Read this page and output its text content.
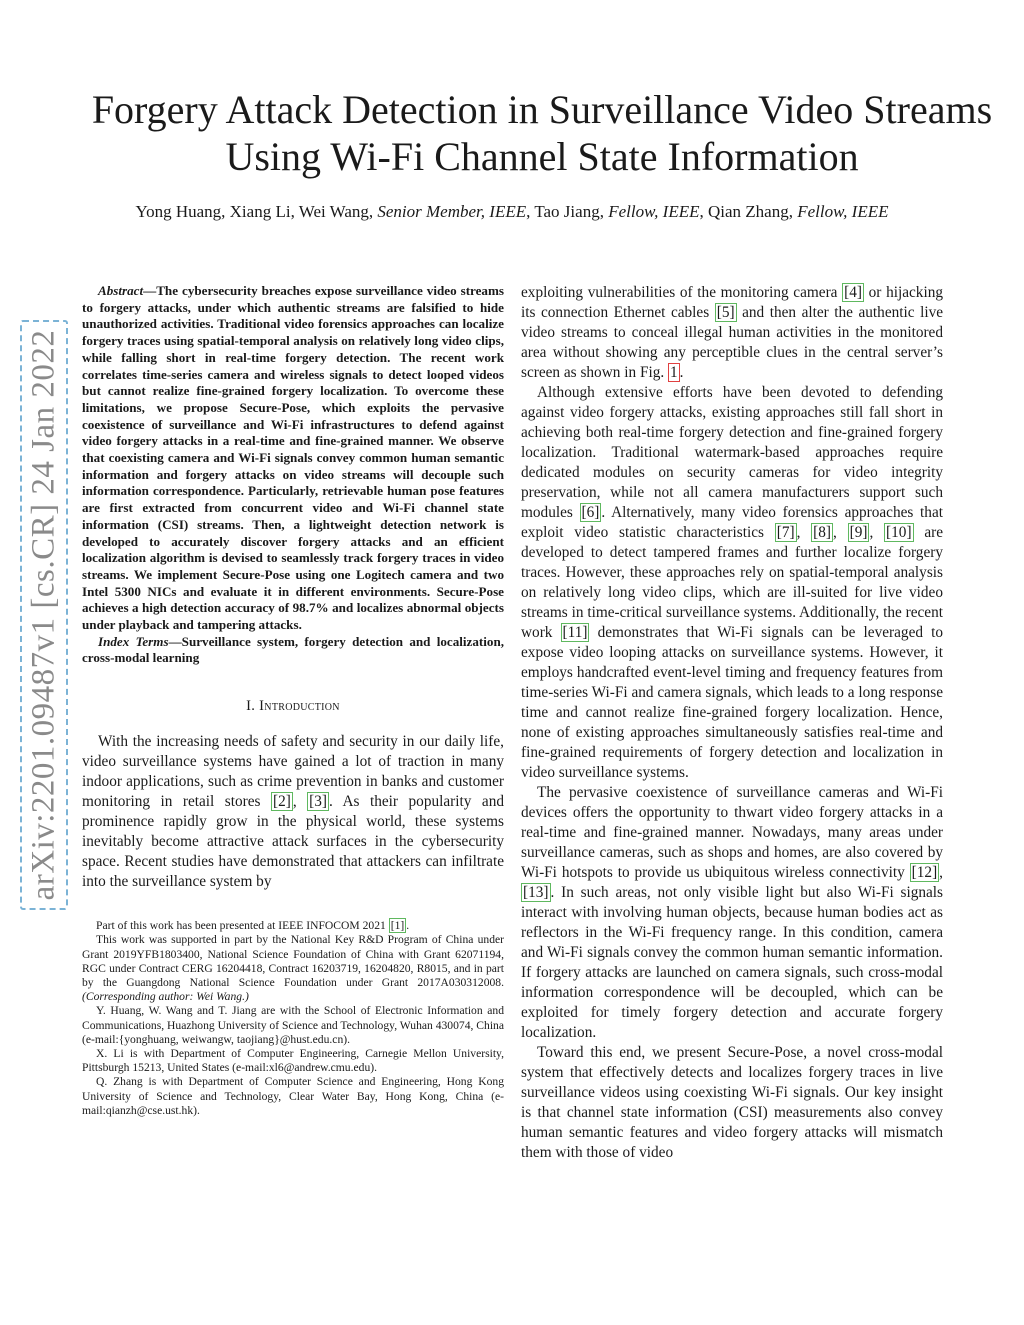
arXiv:2201.09487v1 [cs.CR] 24 Jan 2022
Forgery Attack Detection in Surveillance Video Streams Using Wi-Fi Channel State Information
Yong Huang, Xiang Li, Wei Wang, Senior Member, IEEE, Tao Jiang, Fellow, IEEE, Qian Zhang, Fellow, IEEE

Abstract—The cybersecurity breaches expose surveillance video streams to forgery attacks, under which authentic streams are falsified to hide unauthorized activities. Traditional video forensics approaches can localize forgery traces using spatial-temporal analysis on relatively long video clips, while falling short in real-time forgery detection. The recent work correlates time-series camera and wireless signals to detect looped videos but cannot realize fine-grained forgery localization. To overcome these limitations, we propose Secure-Pose, which exploits the pervasive coexistence of surveillance and Wi-Fi infrastructures to defend against video forgery attacks in a real-time and fine-grained manner. We observe that coexisting camera and Wi-Fi signals convey common human semantic information and forgery attacks on video streams will decouple such information correspondence. Particularly, retrievable human pose features are first extracted from concurrent video and Wi-Fi channel state information (CSI) streams. Then, a lightweight detection network is developed to accurately discover forgery attacks and an efficient localization algorithm is devised to seamlessly track forgery traces in video streams. We implement Secure-Pose using one Logitech camera and two Intel 5300 NICs and evaluate it in different environments. Secure-Pose achieves a high detection accuracy of 98.7% and localizes abnormal objects under playback and tampering attacks.

Index Terms—Surveillance system, forgery detection and localization, cross-modal learning

I. Introduction

With the increasing needs of safety and security in our daily life, video surveillance systems have gained a lot of traction in many indoor applications, such as crime prevention in banks and customer monitoring in retail stores [2] , [3] . As their popularity and prominence rapidly grow in the physical world, these systems inevitably become attractive attack surfaces in the cybersecurity space. Recent studies have demonstrated that attackers can infiltrate into the surveillance system by

Part of this work has been presented at IEEE INFOCOM 2021 [1] .

This work was supported in part by the National Key R&D Program of China under Grant 2019YFB1803400, National Science Foundation of China with Grant 62071194, RGC under Contract CERG 16204418, Contract 16203719, 16204820, R8015, and in part by the Guangdong National Science Foundation under Grant 2017A030312008. (Corresponding author: Wei Wang.)

Y. Huang, W. Wang and T. Jiang are with the School of Electronic Information and Communications, Huazhong University of Science and Technology, Wuhan 430074, China (e-mail:{yonghuang, weiwangw, taojiang}@hust.edu.cn).

X. Li is with Department of Computer Engineering, Carnegie Mellon University, Pittsburgh 15213, United States (e-mail:xl6@andrew.cmu.edu).

Q. Zhang is with Department of Computer Science and Engineering, Hong Kong University of Science and Technology, Clear Water Bay, Hong Kong, China (e-mail:qianzh@cse.ust.hk).

exploiting vulnerabilities of the monitoring camera [4] or hijacking its connection Ethernet cables [5] and then alter the authentic live video streams to conceal illegal human activities in the monitored area without showing any perceptible clues in the central server’s screen as shown in Fig. 1 .

Although extensive efforts have been devoted to defending against video forgery attacks, existing approaches still fall short in achieving both real-time forgery detection and fine-grained forgery localization. Traditional watermark-based approaches require dedicated modules on security cameras for video integrity preservation, while not all camera manufacturers support such modules [6] . Alternatively, many video forensics approaches that exploit video statistic characteristics [7] , [8] , [9] , [10] are developed to detect tampered frames and further localize forgery traces. However, these approaches rely on spatial-temporal analysis on relatively long video clips, which are ill-suited for live video streams in time-critical surveillance systems. Additionally, the recent work [11] demonstrates that Wi-Fi signals can be leveraged to expose video looping attacks on surveillance systems. However, it employs handcrafted event-level timing and frequency features from time-series Wi-Fi and camera signals, which leads to a long response time and cannot realize fine-grained forgery localization. Hence, none of existing approaches simultaneously satisfies real-time and fine-grained requirements of forgery detection and localization in video surveillance systems.

The pervasive coexistence of surveillance cameras and Wi-Fi devices offers the opportunity to thwart video forgery attacks in a real-time and fine-grained manner. Nowadays, many areas under surveillance cameras, such as shops and homes, are also covered by Wi-Fi hotspots to provide us ubiquitous wireless connectivity [12] , [13] . In such areas, not only visible light but also Wi-Fi signals interact with involving human objects, because human bodies act as reflectors in the Wi-Fi frequency range. In this condition, camera and Wi-Fi signals convey the common human semantic information. If forgery attacks are launched on camera signals, such cross-modal information correspondence will be decoupled, which can be exploited for timely forgery detection and accurate forgery localization.

Toward this end, we present Secure-Pose, a novel cross-modal system that effectively detects and localizes forgery traces in live surveillance videos using coexisting Wi-Fi signals. Our key insight is that channel state information (CSI) measurements also convey human semantic features and video forgery attacks will mismatch them with those of video
